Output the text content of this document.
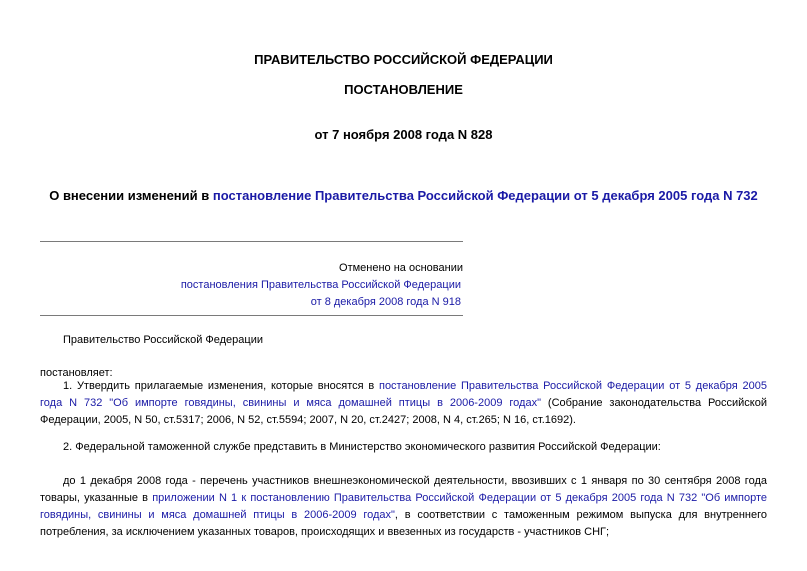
ПРАВИТЕЛЬСТВО РОССИЙСКОЙ ФЕДЕРАЦИИ
ПОСТАНОВЛЕНИЕ
от 7 ноября 2008 года N 828
О внесении изменений в постановление Правительства Российской Федерации от 5 декабря 2005 года N 732
Отменено на основании
постановления Правительства Российской Федерации
от 8 декабря 2008 года N 918
Правительство Российской Федерации
постановляет:
1. Утвердить прилагаемые изменения, которые вносятся в постановление Правительства Российской Федерации от 5 декабря 2005 года N 732 "Об импорте говядины, свинины и мяса домашней птицы в 2006-2009 годах" (Собрание законодательства Российской Федерации, 2005, N 50, ст.5317; 2006, N 52, ст.5594; 2007, N 20, ст.2427; 2008, N 4, ст.265; N 16, ст.1692).
2. Федеральной таможенной службе представить в Министерство экономического развития Российской Федерации:
до 1 декабря 2008 года - перечень участников внешнеэкономической деятельности, ввозивших с 1 января по 30 сентября 2008 года товары, указанные в приложении N 1 к постановлению Правительства Российской Федерации от 5 декабря 2005 года N 732 "Об импорте говядины, свинины и мяса домашней птицы в 2006-2009 годах", в соответствии с таможенным режимом выпуска для внутреннего потребления, за исключением указанных товаров, происходящих и ввезенных из государств - участников СНГ;
